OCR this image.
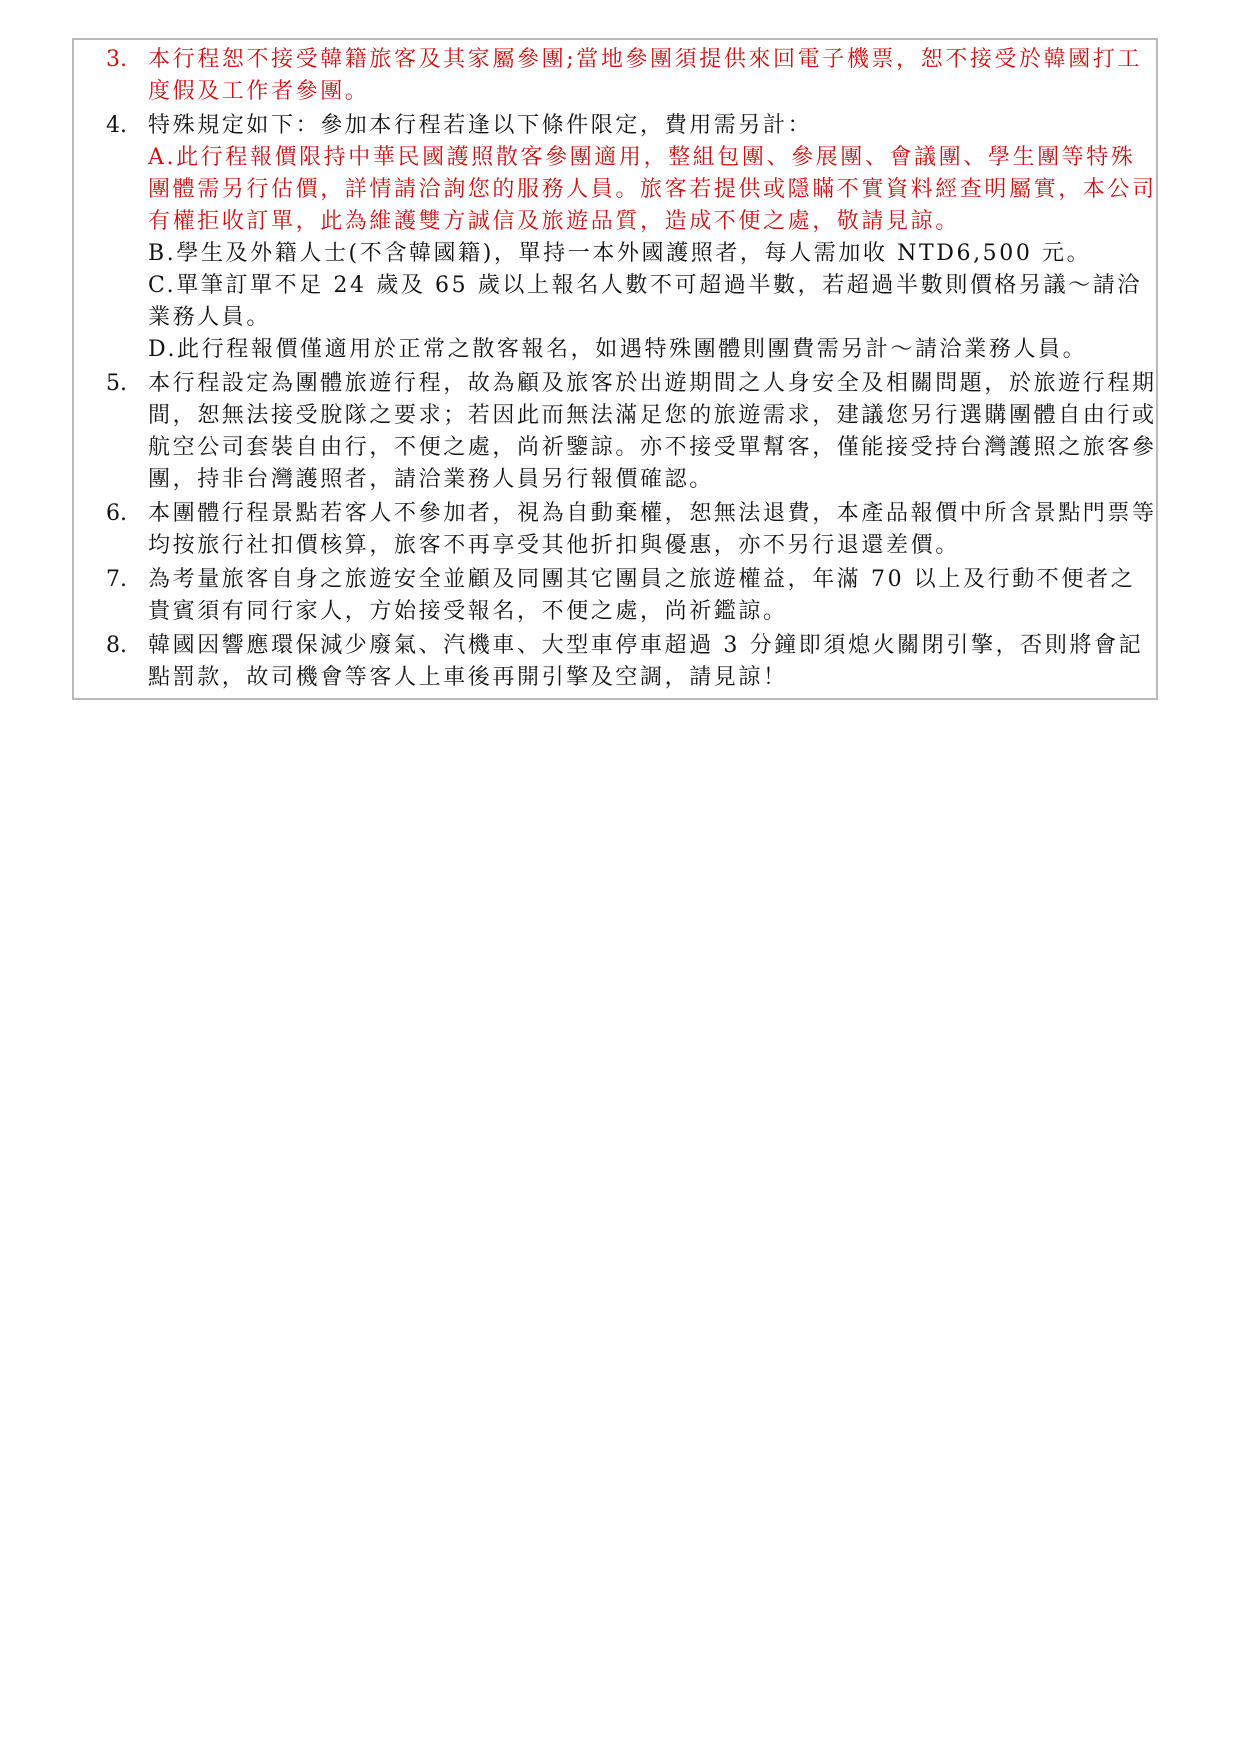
3. 本行程恕不接受韓籍旅客及其家屬參團;當地參團須提供來回電子機票，恕不接受於韓國打工度假及工作者參團。
4. 特殊規定如下：參加本行程若逢以下條件限定，費用需另計：
A.此行程報價限持中華民國護照散客參團適用，整組包團、參展團、會議團、學生團等特殊團體需另行估價，詳情請洽詢您的服務人員。旅客若提供或隱瞞不實資料經查明屬實，本公司有權拒收訂單，此為維護雙方誠信及旅遊品質，造成不便之處，敬請見諒。
B.學生及外籍人士(不含韓國籍)，單持一本外國護照者，每人需加收 NTD6,500 元。
C.單筆訂單不足 24 歲及 65 歲以上報名人數不可超過半數，若超過半數則價格另議～請洽業務人員。
D.此行程報價僅適用於正常之散客報名，如遇特殊團體則團費需另計～請洽業務人員。
5. 本行程設定為團體旅遊行程，故為顧及旅客於出遊期間之人身安全及相關問題，於旅遊行程期間，恕無法接受脫隊之要求；若因此而無法滿足您的旅遊需求，建議您另行選購團體自由行或航空公司套裝自由行，不便之處，尚祈鑒諒。亦不接受單幫客，僅能接受持台灣護照之旅客參團，持非台灣護照者，請洽業務人員另行報價確認。
6. 本團體行程景點若客人不參加者，視為自動棄權，恕無法退費，本產品報價中所含景點門票等均按旅行社扣價核算，旅客不再享受其他折扣與優惠，亦不另行退還差價。
7. 為考量旅客自身之旅遊安全並顧及同團其它團員之旅遊權益，年滿 70 以上及行動不便者之貴賓須有同行家人，方始接受報名，不便之處，尚祈鑑諒。
8. 韓國因響應環保減少廢氣、汽機車、大型車停車超過 3 分鐘即須熄火關閉引擎，否則將會記點罰款，故司機會等客人上車後再開引擎及空調，請見諒！
